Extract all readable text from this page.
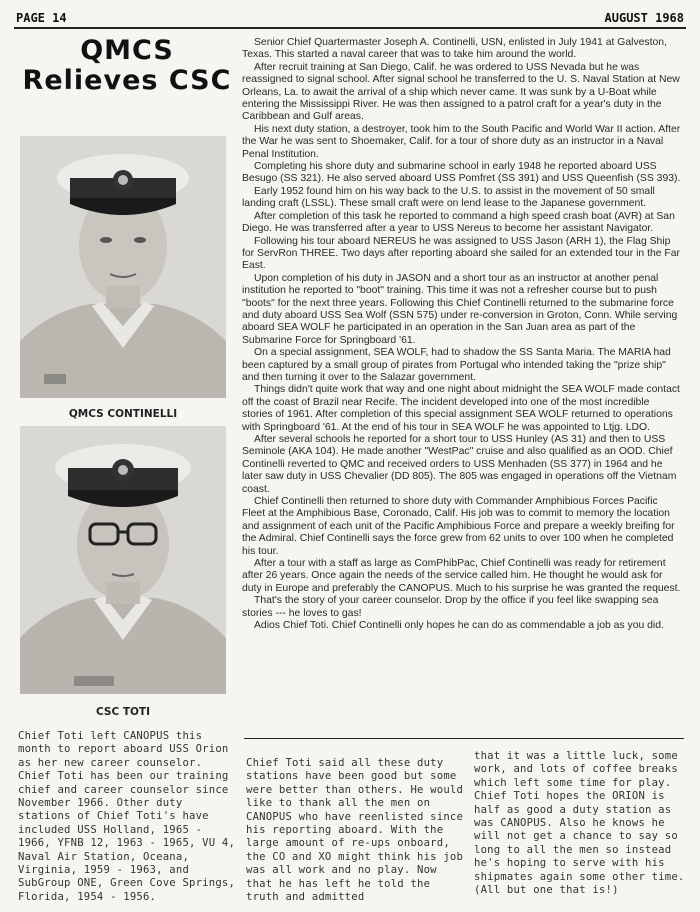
PAGE 14	AUGUST 1968
QMCS Relieves CSC
QMCS CONTINELLI
CSC TOTI

Senior Chief Quartermaster Joseph A. Continelli, USN, enlisted in July 1941 at Galveston, Texas. This started a naval career that was to take him around the world.

After recruit training at San Diego, Calif. he was ordered to USS Nevada but he was reassigned to signal school. After signal school he transferred to the U. S. Naval Station at New Orleans, La. to await the arrival of a ship which never came. It was sunk by a U-Boat while entering the Mississippi River. He was then assigned to a patrol craft for a year's duty in the Caribbean and Gulf areas.

His next duty station, a destroyer, took him to the South Pacific and World War II action. After the War he was sent to Shoemaker, Calif. for a tour of shore duty as an instructor in a Naval Penal Institution.

Completing his shore duty and submarine school in early 1948 he reported aboard USS Besugo (SS 321). He also served aboard USS Pomfret (SS 391) and USS Queenfish (SS 393).

Early 1952 found him on his way back to the U.S. to assist in the movement of 50 small landing craft (LSSL). These small craft were on lend lease to the Japanese government.

After completion of this task he reported to command a high speed crash boat (AVR) at San Diego. He was transferred after a year to USS Nereus to become her assistant Navigator.

Following his tour aboard NEREUS he was assigned to USS Jason (ARH 1), the Flag Ship for ServRon THREE. Two days after reporting aboard she sailed for an extended tour in the Far East.

Upon completion of his duty in JASON and a short tour as an instructor at another penal institution he reported to "boot" training. This time it was not a refresher course but to push "boots" for the next three years. Following this Chief Continelli returned to the submarine force and duty aboard USS Sea Wolf (SSN 575) under re-conversion in Groton, Conn. While serving aboard SEA WOLF he participated in an operation in the San Juan area as part of the Submarine Force for Springboard '61.

On a special assignment, SEA WOLF, had to shadow the SS Santa Maria. The MARIA had been captured by a small group of pirates from Portugal who intended taking the "prize ship" and then turning it over to the Salazar government.

Things didn't quite work that way and one night about midnight the SEA WOLF made contact off the coast of Brazil near Recife. The incident developed into one of the most incredible stories of 1961. After completion of this special assignment SEA WOLF returned to operations with Springboard '61. At the end of his tour in SEA WOLF he was appointed to Ltjg. LDO.

After several schools he reported for a short tour to USS Hunley (AS 31) and then to USS Seminole (AKA 104). He made another "WestPac" cruise and also qualified as an OOD. Chief Continelli reverted to QMC and received orders to USS Menhaden (SS 377) in 1964 and he later saw duty in USS Chevalier (DD 805). The 805 was engaged in operations off the Vietnam coast.

Chief Continelli then returned to shore duty with Commander Amphibious Forces Pacific Fleet at the Amphibious Base, Coronado, Calif. His job was to commit to memory the location and assignment of each unit of the Pacific Amphibious Force and prepare a weekly breifing for the Admiral. Chief Continelli says the force grew from 62 units to over 100 when he completed his tour.

After a tour with a staff as large as ComPhibPac, Chief Continelli was ready for retirement after 26 years. Once again the needs of the service called him. He thought he would ask for duty in Europe and preferably the CANOPUS. Much to his surprise he was granted the request.

That's the story of your career counselor. Drop by the office if you feel like swapping sea stories --- he loves to gas!

Adios Chief Toti. Chief Continelli only hopes he can do as commendable a job as you did.

Chief Toti left CANOPUS this month to report aboard USS Orion as her new career counselor. Chief Toti has been our training chief and career counselor since November 1966. Other duty stations of Chief Toti's have included USS Holland, 1965 - 1966, YFNB 12, 1963 - 1965, VU 4, Naval Air Station, Oceana, Virginia, 1959 - 1963, and SubGroup ONE, Green Cove Springs, Florida, 1954 - 1956.
Chief Toti said all these duty stations have been good but some were better than others. He would like to thank all the men on CANOPUS who have reenlisted since his reporting aboard. With the large amount of re-ups onboard, the CO and XO might think his job was all work and no play. Now that he has left he told the truth and admitted
that it was a little luck, some work, and lots of coffee breaks which left some time for play. Chief Toti hopes the ORION is half as good a duty station as was CANOPUS. Also he knows he will not get a chance to say so long to all the men so instead he's hoping to serve with his shipmates again some other time. (All but one that is!)
